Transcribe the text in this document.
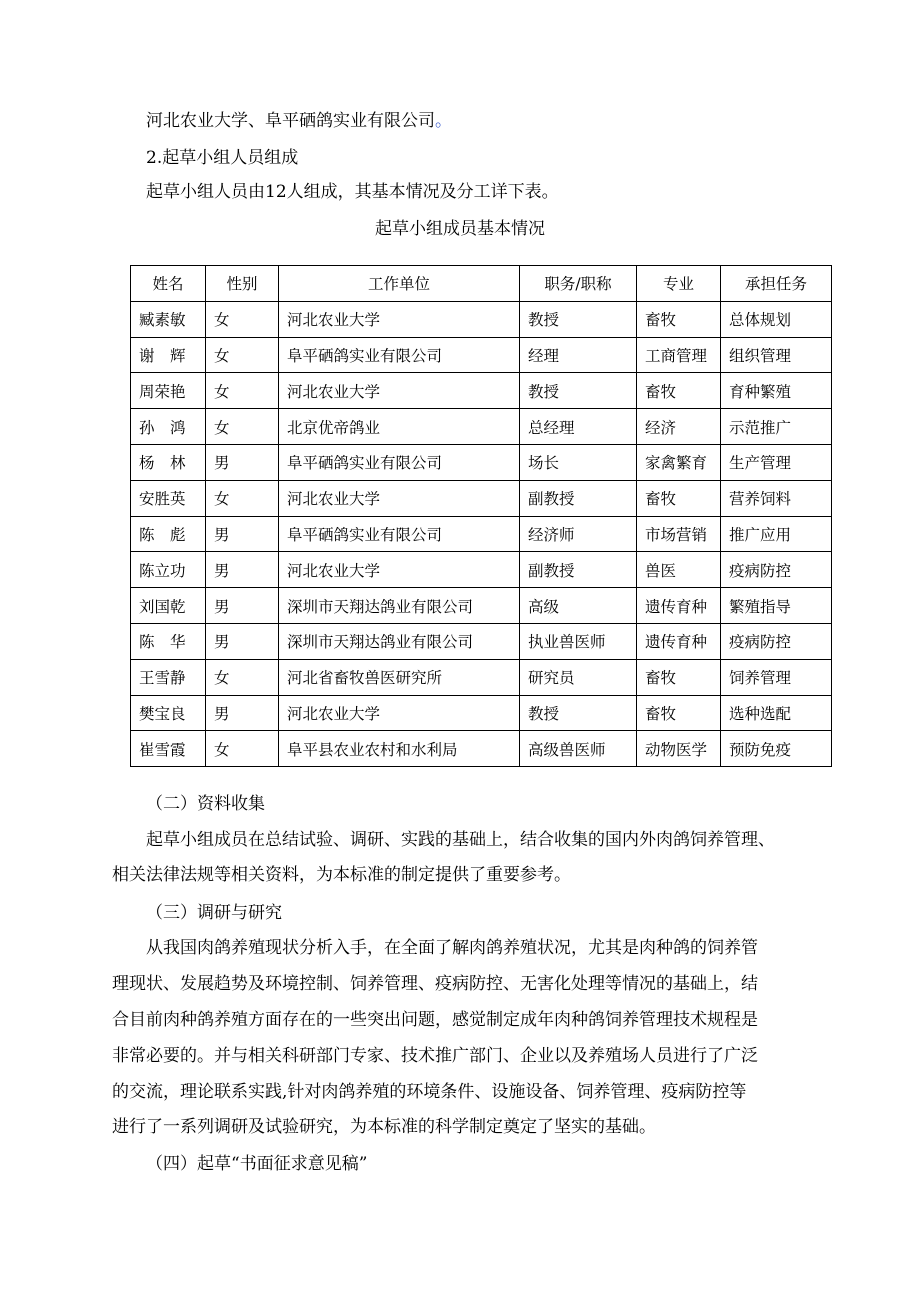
河北农业大学、阜平硒鸽实业有限公司。
2.起草小组人员组成
起草小组人员由12人组成，其基本情况及分工详下表。
起草小组成员基本情况
姓名	性别	工作单位	职务/职称	专业	承担任务
臧素敏	女	河北农业大学	教授	畜牧	总体规划
谢　辉	女	阜平硒鸽实业有限公司	经理	工商管理	组织管理
周荣艳	女	河北农业大学	教授	畜牧	育种繁殖
孙　鸿	女	北京优帝鸽业	总经理	经济	示范推广
杨　林	男	阜平硒鸽实业有限公司	场长	家禽繁育	生产管理
安胜英	女	河北农业大学	副教授	畜牧	营养饲料
陈　彪	男	阜平硒鸽实业有限公司	经济师	市场营销	推广应用
陈立功	男	河北农业大学	副教授	兽医	疫病防控
刘国乾	男	深圳市天翔达鸽业有限公司	高级	遗传育种	繁殖指导
陈　华	男	深圳市天翔达鸽业有限公司	执业兽医师	遗传育种	疫病防控
王雪静	女	河北省畜牧兽医研究所	研究员	畜牧	饲养管理
樊宝良	男	河北农业大学	教授	畜牧	选种选配
崔雪霞	女	阜平县农业农村和水利局	高级兽医师	动物医学	预防免疫
（二）资料收集
起草小组成员在总结试验、调研、实践的基础上，结合收集的国内外肉鸽饲养管理、
相关法律法规等相关资料，为本标准的制定提供了重要参考。
（三）调研与研究
从我国肉鸽养殖现状分析入手，在全面了解肉鸽养殖状况，尤其是肉种鸽的饲养管
理现状、发展趋势及环境控制、饲养管理、疫病防控、无害化处理等情况的基础上，结
合目前肉种鸽养殖方面存在的一些突出问题，感觉制定成年肉种鸽饲养管理技术规程是
非常必要的。并与相关科研部门专家、技术推广部门、企业以及养殖场人员进行了广泛
的交流，理论联系实践,针对肉鸽养殖的环境条件、设施设备、饲养管理、疫病防控等
进行了一系列调研及试验研究，为本标准的科学制定奠定了坚实的基础。
（四）起草“书面征求意见稿”
